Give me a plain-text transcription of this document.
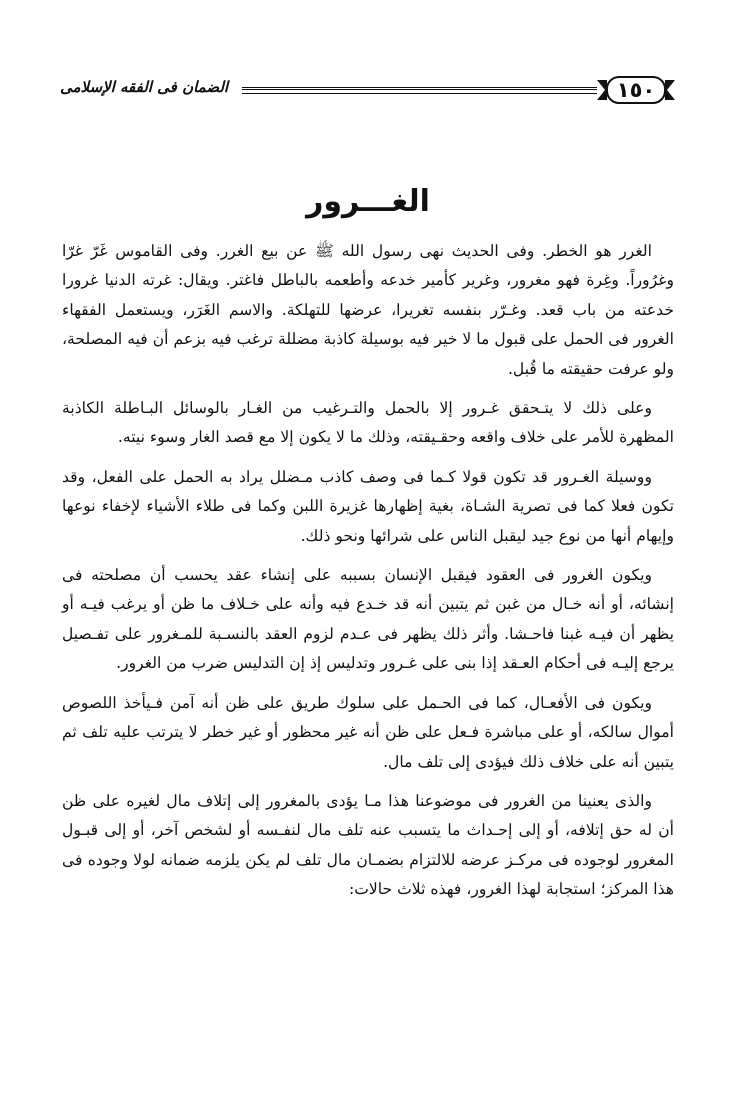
الضمان فى الفقه الإسلامى	١٥٠
الغـــرور

الغرر هو الخطر. وفى الحديث نهى رسول الله ﷺ عن بيع الغرر. وفى القاموس غَرّ غرّا وغرُوراً. وغِرة فهو مغرور، وغرير كأمير خدعه وأطعمه بالباطل فاغتر. ويقال: غرته الدنيا غرورا خدعته من باب قعد. وغـرّر بنفسه تغريرا، عرضها للتهلكة. والاسم الغَرَر، ويستعمل الفقهاء الغرور فى الحمل على قبول ما لا خير فيه بوسيلة كاذبة مضللة ترغب فيه بزعم أن فيه المصلحة، ولو عرفت حقيقته ما قُبل.

وعلى ذلك لا يتـحقق غـرور إلا بالحمل والتـرغيب من الغـار بالوسائل البـاطلة الكاذبة المظهرة للأمر على خلاف واقعه وحقـيقته، وذلك ما لا يكون إلا مع قصد الغار وسوء نيته.

ووسيلة الغـرور قد تكون قولا كـما فى وصف كاذب مـضلل يراد به الحمل على الفعل، وقد تكون فعلا كما فى تصرية الشـاة، بغية إظهارها غزيرة اللبن وكما فى طلاء الأشياء لإخفاء نوعها وإيهام أنها من نوع جيد ليقبل الناس على شرائها ونحو ذلك.

ويكون الغرور فى العقود فيقبل الإنسان بسببه على إنشاء عقد يحسب أن مصلحته فى إنشائه، أو أنه خـال من غبن ثم يتبين أنه قد خـدع فيه وأنه على خـلاف ما ظن أو يرغب فيـه أو يظهر أن فيـه غبنا فاحـشا. وأثر ذلك يظهر فى عـدم لزوم العقد بالنسـبة للمـغرور على تفـصيل يرجع إليـه فى أحكام العـقد إذا بنى على غـرور وتدليس إذ إن التدليس ضرب من الغرور.

ويكون فى الأفعـال، كما فى الحـمل على سلوك طريق على ظن أنه آمن فـيأخذ اللصوص أموال سالكه، أو على مباشرة فـعل على ظن أنه غير محظور أو غير خطر لا يترتب عليه تلف ثم يتبين أنه على خلاف ذلك فيؤدى إلى تلف مال.

والذى يعنينا من الغرور فى موضوعنا هذا مـا يؤدى بالمغرور إلى إتلاف مال لغيره على ظن أن له حق إتلافه، أو إلى إحـداث ما يتسبب عنه تلف مال لنفـسه أو لشخص آخر، أو إلى قبـول المغرور لوجوده فى مركـز عرضه للالتزام بضمـان مال تلف لم يكن يلزمه ضمانه لولا وجوده فى هذا المركز؛ استجابة لهذا الغرور، فهذه ثلاث حالات:
